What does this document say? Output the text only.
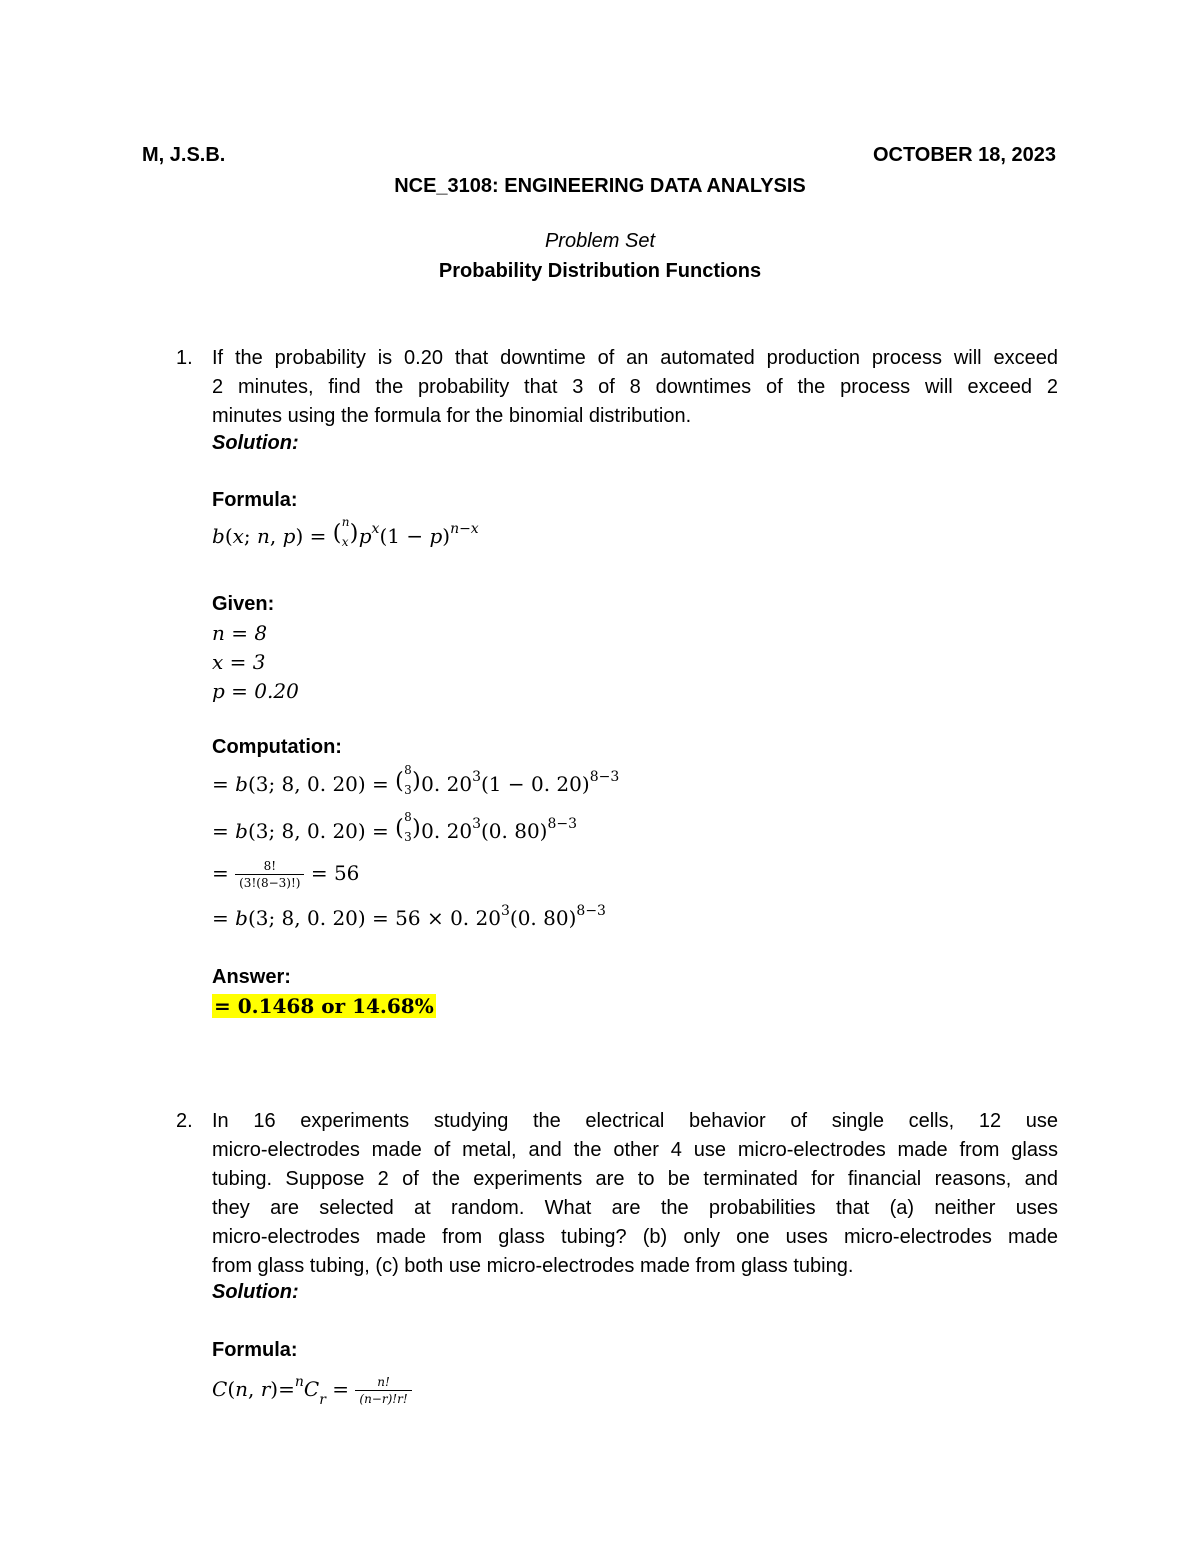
M, J.S.B.	OCTOBER 18, 2023
NCE_3108: ENGINEERING DATA ANALYSIS
Problem Set
Probability Distribution Functions
1. If the probability is 0.20 that downtime of an automated production process will exceed
2 minutes, find the probability that 3 of 8 downtimes of the process will exceed 2
minutes using the formula for the binomial distribution.
Solution:
Formula:
b(x; n, p) = ( n
x ) $p^x(1 - p)^{n-x}$
Given:
n = 8
x = 3
p = 0.20
Computation:
= b(3; 8, 0. 20) = ( 8
3 ) 0. $20^3(1 - 0$. 20)$^{8-3}$
= b(3; 8, 0. 20) = ( 8
3 ) 0. $20^3(0$. 80)$^{8-3}$
= $\frac{8!}{(3!(8-3)!)} = 56$
= b(3; 8, 0. 20) = 56 × 0. $20^3(0$. 80)$^{8-3}$
Answer:
= 0.1468 or 14.68%
2. In 16 experiments studying the electrical behavior of single cells, 12 use
micro-electrodes made of metal, and the other 4 use micro-electrodes made from glass
tubing. Suppose 2 of the experiments are to be terminated for financial reasons, and
they are selected at random. What are the probabilities that (a) neither uses
micro-electrodes made from glass tubing? (b) only one uses micro-electrodes made
from glass tubing, (c) both use micro-electrodes made from glass tubing.
Solution:
Formula:
C(n, $r)=^nC_r = \frac{n!}{(n-r)!r!}$
